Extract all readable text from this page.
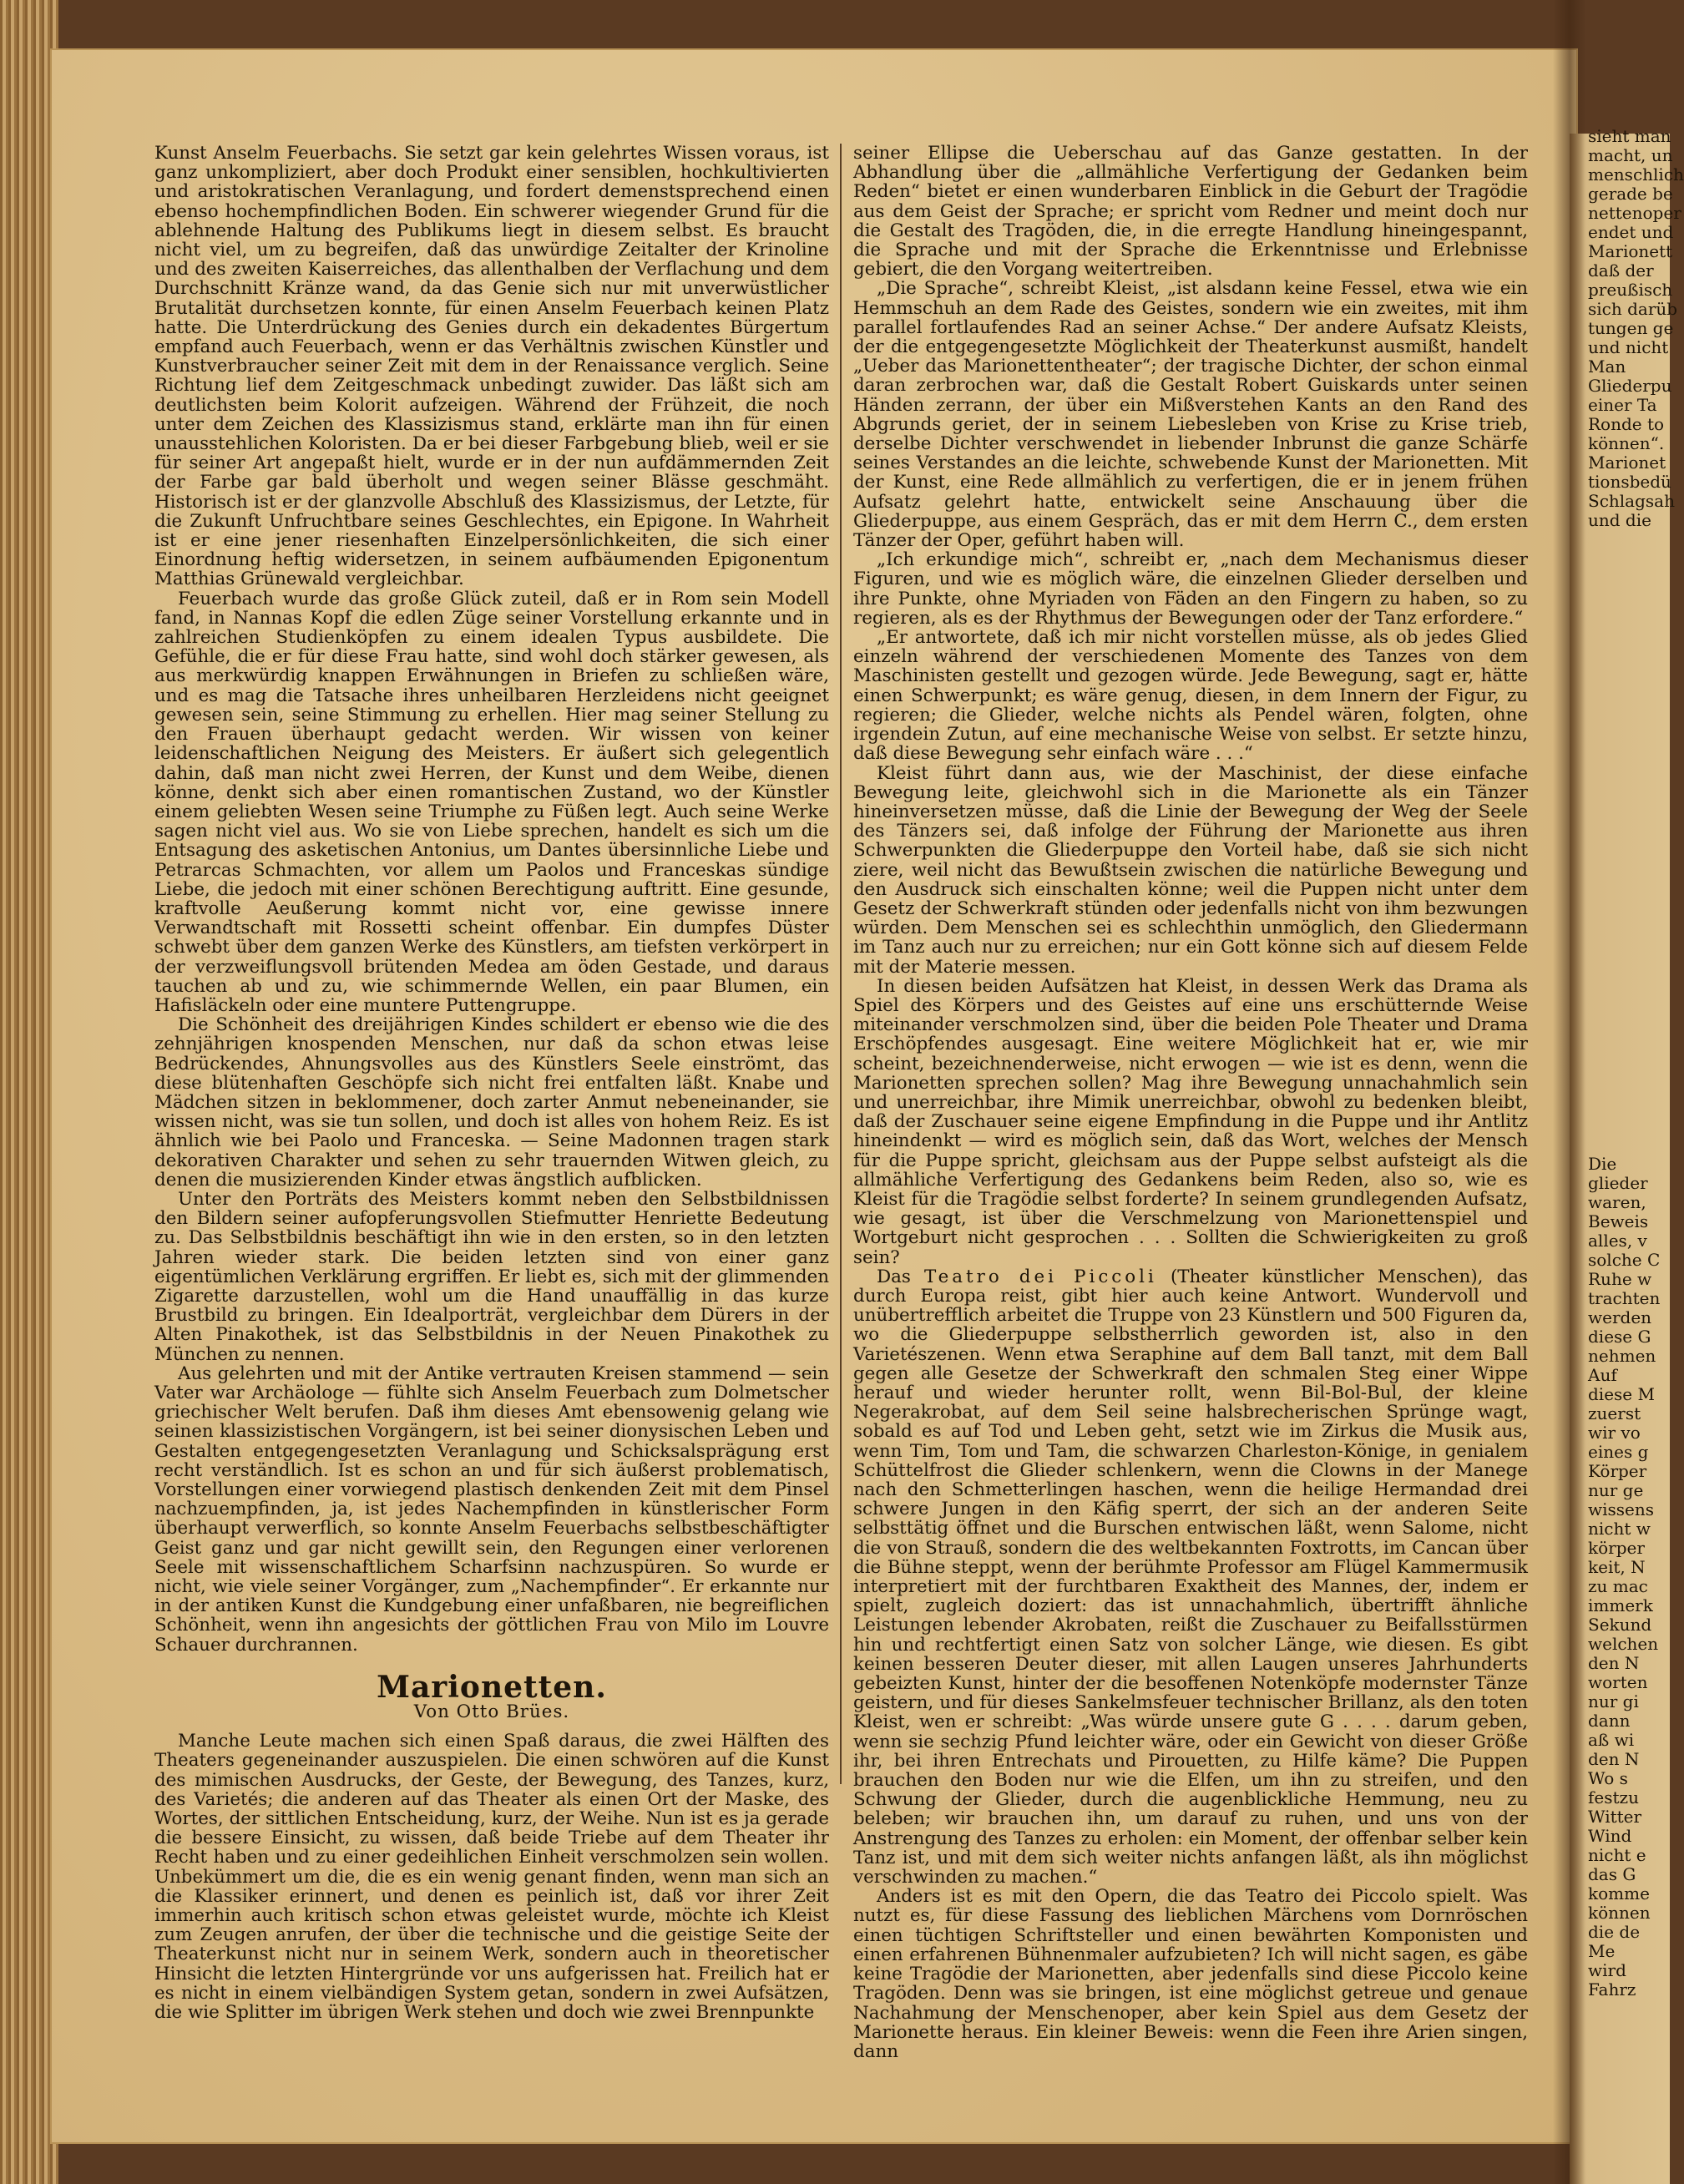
Kunst Anselm Feuerbachs. Sie setzt gar kein gelehrtes Wissen voraus, ist ganz unkompliziert, aber doch Produkt einer sensiblen, hochkultivierten und aristokratischen Veranlagung, und fordert demenstsprechend einen ebenso hochempfindlichen Boden. Ein schwerer wiegender Grund für die ablehnende Haltung des Publikums liegt in diesem selbst. Es braucht nicht viel, um zu begreifen, daß das unwürdige Zeitalter der Krinoline und des zweiten Kaiserreiches, das allenthalben der Verflachung und dem Durchschnitt Kränze wand, da das Genie sich nur mit unverwüstlicher Brutalität durchsetzen konnte, für einen Anselm Feuerbach keinen Platz hatte. Die Unterdrückung des Genies durch ein dekadentes Bürgertum empfand auch Feuerbach, wenn er das Verhältnis zwischen Künstler und Kunstverbraucher seiner Zeit mit dem in der Renaissance verglich. Seine Richtung lief dem Zeitgeschmack unbedingt zuwider. Das läßt sich am deutlichsten beim Kolorit aufzeigen. Während der Frühzeit, die noch unter dem Zeichen des Klassizismus stand, erklärte man ihn für einen unausstehlichen Koloristen. Da er bei dieser Farbgebung blieb, weil er sie für seiner Art angepaßt hielt, wurde er in der nun aufdämmernden Zeit der Farbe gar bald überholt und wegen seiner Blässe geschmäht. Historisch ist er der glanzvolle Abschluß des Klassizismus, der Letzte, für die Zukunft Unfruchtbare seines Geschlechtes, ein Epigone. In Wahrheit ist er eine jener riesenhaften Einzelpersönlichkeiten, die sich einer Einordnung heftig widersetzen, in seinem aufbäumenden Epigonentum Matthias Grünewald vergleichbar.

Feuerbach wurde das große Glück zuteil, daß er in Rom sein Modell fand, in Nannas Kopf die edlen Züge seiner Vorstellung erkannte und in zahlreichen Studienköpfen zu einem idealen Typus ausbildete. Die Gefühle, die er für diese Frau hatte, sind wohl doch stärker gewesen, als aus merkwürdig knappen Erwähnungen in Briefen zu schließen wäre, und es mag die Tatsache ihres unheilbaren Herzleidens nicht geeignet gewesen sein, seine Stimmung zu erhellen. Hier mag seiner Stellung zu den Frauen überhaupt gedacht werden. Wir wissen von keiner leidenschaftlichen Neigung des Meisters. Er äußert sich gelegentlich dahin, daß man nicht zwei Herren, der Kunst und dem Weibe, dienen könne, denkt sich aber einen romantischen Zustand, wo der Künstler einem geliebten Wesen seine Triumphe zu Füßen legt. Auch seine Werke sagen nicht viel aus. Wo sie von Liebe sprechen, handelt es sich um die Entsagung des asketischen Antonius, um Dantes übersinnliche Liebe und Petrarcas Schmachten, vor allem um Paolos und Franceskas sündige Liebe, die jedoch mit einer schönen Berechtigung auftritt. Eine gesunde, kraftvolle Aeußerung kommt nicht vor, eine gewisse innere Verwandtschaft mit Rossetti scheint offenbar. Ein dumpfes Düster schwebt über dem ganzen Werke des Künstlers, am tiefsten verkörpert in der verzweiflungsvoll brütenden Medea am öden Gestade, und daraus tauchen ab und zu, wie schimmernde Wellen, ein paar Blumen, ein Hafisläckeln oder eine muntere Puttengruppe.

Die Schönheit des dreijährigen Kindes schildert er ebenso wie die des zehnjährigen knospenden Menschen, nur daß da schon etwas leise Bedrückendes, Ahnungsvolles aus des Künstlers Seele einströmt, das diese blütenhaften Geschöpfe sich nicht frei entfalten läßt. Knabe und Mädchen sitzen in beklommener, doch zarter Anmut nebeneinander, sie wissen nicht, was sie tun sollen, und doch ist alles von hohem Reiz. Es ist ähnlich wie bei Paolo und Franceska. — Seine Madonnen tragen stark dekorativen Charakter und sehen zu sehr trauernden Witwen gleich, zu denen die musizierenden Kinder etwas ängstlich aufblicken.

Unter den Porträts des Meisters kommt neben den Selbstbildnissen den Bildern seiner aufopferungsvollen Stiefmutter Henriette Bedeutung zu. Das Selbstbildnis beschäftigt ihn wie in den ersten, so in den letzten Jahren wieder stark. Die beiden letzten sind von einer ganz eigentümlichen Verklärung ergriffen. Er liebt es, sich mit der glimmenden Zigarette darzustellen, wohl um die Hand unauffällig in das kurze Brustbild zu bringen. Ein Idealporträt, vergleichbar dem Dürers in der Alten Pinakothek, ist das Selbstbildnis in der Neuen Pinakothek zu München zu nennen.

Aus gelehrten und mit der Antike vertrauten Kreisen stammend — sein Vater war Archäologe — fühlte sich Anselm Feuerbach zum Dolmetscher griechischer Welt berufen. Daß ihm dieses Amt ebensowenig gelang wie seinen klassizistischen Vorgängern, ist bei seiner dionysischen Leben und Gestalten entgegengesetzten Veranlagung und Schicksalsprägung erst recht verständlich. Ist es schon an und für sich äußerst problematisch, Vorstellungen einer vorwiegend plastisch denkenden Zeit mit dem Pinsel nachzuempfinden, ja, ist jedes Nachempfinden in künstlerischer Form überhaupt verwerflich, so konnte Anselm Feuerbachs selbstbeschäftigter Geist ganz und gar nicht gewillt sein, den Regungen einer verlorenen Seele mit wissenschaftlichem Scharfsinn nachzuspüren. So wurde er nicht, wie viele seiner Vorgänger, zum „Nachempfinder“. Er erkannte nur in der antiken Kunst die Kundgebung einer unfaßbaren, nie begreiflichen Schönheit, wenn ihn angesichts der göttlichen Frau von Milo im Louvre Schauer durchrannen.

Marionetten.

Von Otto Brües.

Manche Leute machen sich einen Spaß daraus, die zwei Hälften des Theaters gegeneinander auszuspielen. Die einen schwören auf die Kunst des mimischen Ausdrucks, der Geste, der Bewegung, des Tanzes, kurz, des Varietés; die anderen auf das Theater als einen Ort der Maske, des Wortes, der sittlichen Entscheidung, kurz, der Weihe. Nun ist es ja gerade die bessere Einsicht, zu wissen, daß beide Triebe auf dem Theater ihr Recht haben und zu einer gedeihlichen Einheit verschmolzen sein wollen. Unbekümmert um die, die es ein wenig genant finden, wenn man sich an die Klassiker erinnert, und denen es peinlich ist, daß vor ihrer Zeit immerhin auch kritisch schon etwas geleistet wurde, möchte ich Kleist zum Zeugen anrufen, der über die technische und die geistige Seite der Theaterkunst nicht nur in seinem Werk, sondern auch in theoretischer Hinsicht die letzten Hintergründe vor uns aufgerissen hat. Freilich hat er es nicht in einem vielbändigen System getan, sondern in zwei Aufsätzen, die wie Splitter im übrigen Werk stehen und doch wie zwei Brennpunkte

seiner Ellipse die Ueberschau auf das Ganze gestatten. In der Abhandlung über die „allmähliche Verfertigung der Gedanken beim Reden“ bietet er einen wunderbaren Einblick in die Geburt der Tragödie aus dem Geist der Sprache; er spricht vom Redner und meint doch nur die Gestalt des Tragöden, die, in die erregte Handlung hineingespannt, die Sprache und mit der Sprache die Erkenntnisse und Erlebnisse gebiert, die den Vorgang weitertreiben.

„Die Sprache“, schreibt Kleist, „ist alsdann keine Fessel, etwa wie ein Hemmschuh an dem Rade des Geistes, sondern wie ein zweites, mit ihm parallel fortlaufendes Rad an seiner Achse.“ Der andere Aufsatz Kleists, der die entgegengesetzte Möglichkeit der Theaterkunst ausmißt, handelt „Ueber das Marionettentheater“; der tragische Dichter, der schon einmal daran zerbrochen war, daß die Gestalt Robert Guiskards unter seinen Händen zerrann, der über ein Mißverstehen Kants an den Rand des Abgrunds geriet, der in seinem Liebesleben von Krise zu Krise trieb, derselbe Dichter verschwendet in liebender Inbrunst die ganze Schärfe seines Verstandes an die leichte, schwebende Kunst der Marionetten. Mit der Kunst, eine Rede allmählich zu verfertigen, die er in jenem frühen Aufsatz gelehrt hatte, entwickelt seine Anschauung über die Gliederpuppe, aus einem Gespräch, das er mit dem Herrn C., dem ersten Tänzer der Oper, geführt haben will.

„Ich erkundige mich“, schreibt er, „nach dem Mechanismus dieser Figuren, und wie es möglich wäre, die einzelnen Glieder derselben und ihre Punkte, ohne Myriaden von Fäden an den Fingern zu haben, so zu regieren, als es der Rhythmus der Bewegungen oder der Tanz erfordere.“

„Er antwortete, daß ich mir nicht vorstellen müsse, als ob jedes Glied einzeln während der verschiedenen Momente des Tanzes von dem Maschinisten gestellt und gezogen würde. Jede Bewegung, sagt er, hätte einen Schwerpunkt; es wäre genug, diesen, in dem Innern der Figur, zu regieren; die Glieder, welche nichts als Pendel wären, folgten, ohne irgendein Zutun, auf eine mechanische Weise von selbst. Er setzte hinzu, daß diese Bewegung sehr einfach wäre . . .“

Kleist führt dann aus, wie der Maschinist, der diese einfache Bewegung leite, gleichwohl sich in die Marionette als ein Tänzer hineinversetzen müsse, daß die Linie der Bewegung der Weg der Seele des Tänzers sei, daß infolge der Führung der Marionette aus ihren Schwerpunkten die Gliederpuppe den Vorteil habe, daß sie sich nicht ziere, weil nicht das Bewußtsein zwischen die natürliche Bewegung und den Ausdruck sich einschalten könne; weil die Puppen nicht unter dem Gesetz der Schwerkraft stünden oder jedenfalls nicht von ihm bezwungen würden. Dem Menschen sei es schlechthin unmöglich, den Gliedermann im Tanz auch nur zu erreichen; nur ein Gott könne sich auf diesem Felde mit der Materie messen.

In diesen beiden Aufsätzen hat Kleist, in dessen Werk das Drama als Spiel des Körpers und des Geistes auf eine uns erschütternde Weise miteinander verschmolzen sind, über die beiden Pole Theater und Drama Erschöpfendes ausgesagt. Eine weitere Möglichkeit hat er, wie mir scheint, bezeichnenderweise, nicht erwogen — wie ist es denn, wenn die Marionetten sprechen sollen? Mag ihre Bewegung unnachahmlich sein und unerreichbar, ihre Mimik unerreichbar, obwohl zu bedenken bleibt, daß der Zuschauer seine eigene Empfindung in die Puppe und ihr Antlitz hineindenkt — wird es möglich sein, daß das Wort, welches der Mensch für die Puppe spricht, gleichsam aus der Puppe selbst aufsteigt als die allmähliche Verfertigung des Gedankens beim Reden, also so, wie es Kleist für die Tragödie selbst forderte? In seinem grundlegenden Aufsatz, wie gesagt, ist über die Verschmelzung von Marionettenspiel und Wortgeburt nicht gesprochen . . . Sollten die Schwierigkeiten zu groß sein?

Das Teatro dei Piccoli (Theater künstlicher Menschen), das durch Europa reist, gibt hier auch keine Antwort. Wundervoll und unübertrefflich arbeitet die Truppe von 23 Künstlern und 500 Figuren da, wo die Gliederpuppe selbstherrlich geworden ist, also in den Varietészenen. Wenn etwa Seraphine auf dem Ball tanzt, mit dem Ball gegen alle Gesetze der Schwerkraft den schmalen Steg einer Wippe herauf und wieder herunter rollt, wenn Bil-Bol-Bul, der kleine Negerakrobat, auf dem Seil seine halsbrecherischen Sprünge wagt, sobald es auf Tod und Leben geht, setzt wie im Zirkus die Musik aus, wenn Tim, Tom und Tam, die schwarzen Charleston-Könige, in genialem Schüttelfrost die Glieder schlenkern, wenn die Clowns in der Manege nach den Schmetterlingen haschen, wenn die heilige Hermandad drei schwere Jungen in den Käfig sperrt, der sich an der anderen Seite selbsttätig öffnet und die Burschen entwischen läßt, wenn Salome, nicht die von Strauß, sondern die des weltbekannten Foxtrotts, im Cancan über die Bühne steppt, wenn der berühmte Professor am Flügel Kammermusik interpretiert mit der furchtbaren Exaktheit des Mannes, der, indem er spielt, zugleich doziert: das ist unnachahmlich, übertrifft ähnliche Leistungen lebender Akrobaten, reißt die Zuschauer zu Beifallsstürmen hin und rechtfertigt einen Satz von solcher Länge, wie diesen. Es gibt keinen besseren Deuter dieser, mit allen Laugen unseres Jahrhunderts gebeizten Kunst, hinter der die besoffenen Notenköpfe modernster Tänze geistern, und für dieses Sankelmsfeuer technischer Brillanz, als den toten Kleist, wen er schreibt: „Was würde unsere gute G . . . . darum geben, wenn sie sechzig Pfund leichter wäre, oder ein Gewicht von dieser Größe ihr, bei ihren Entrechats und Pirouetten, zu Hilfe käme? Die Puppen brauchen den Boden nur wie die Elfen, um ihn zu streifen, und den Schwung der Glieder, durch die augenblickliche Hemmung, neu zu beleben; wir brauchen ihn, um darauf zu ruhen, und uns von der Anstrengung des Tanzes zu erholen: ein Moment, der offenbar selber kein Tanz ist, und mit dem sich weiter nichts anfangen läßt, als ihn möglichst verschwinden zu machen.“

Anders ist es mit den Opern, die das Teatro dei Piccolo spielt. Was nutzt es, für diese Fassung des lieblichen Märchens vom Dornröschen einen tüchtigen Schriftsteller und einen bewährten Komponisten und einen erfahrenen Bühnenmaler aufzubieten? Ich will nicht sagen, es gäbe keine Tragödie der Marionetten, aber jedenfalls sind diese Piccolo keine Tragöden. Denn was sie bringen, ist eine möglichst getreue und genaue Nachahmung der Menschenoper, aber kein Spiel aus dem Gesetz der Marionette heraus. Ein kleiner Beweis: wenn die Feen ihre Arien singen, dann

sieht man
macht, un
menschlich
gerade be
nettenoper
endet und
Marionett
daß der
preußisch
sich darüb
tungen ge
und nicht
Man
Gliederpu
einer Ta
Ronde to
können“.
Marionet
tionsbedü
Schlagsah
und die
Die
glieder
waren,
Beweis
alles, v
solche C
Ruhe w
trachten
werden
diese G
nehmen
Auf
diese M
zuerst
wir vo
eines g
Körper
nur ge
wissens
nicht w
körper
keit, N
zu mac
immerk
Sekund
welchen
den N
worten
nur gi
dann
aß wi
den N
Wo s
festzu
Witter
Wind
nicht e
das G
komme
können
die de
Me
wird
Fahrz
